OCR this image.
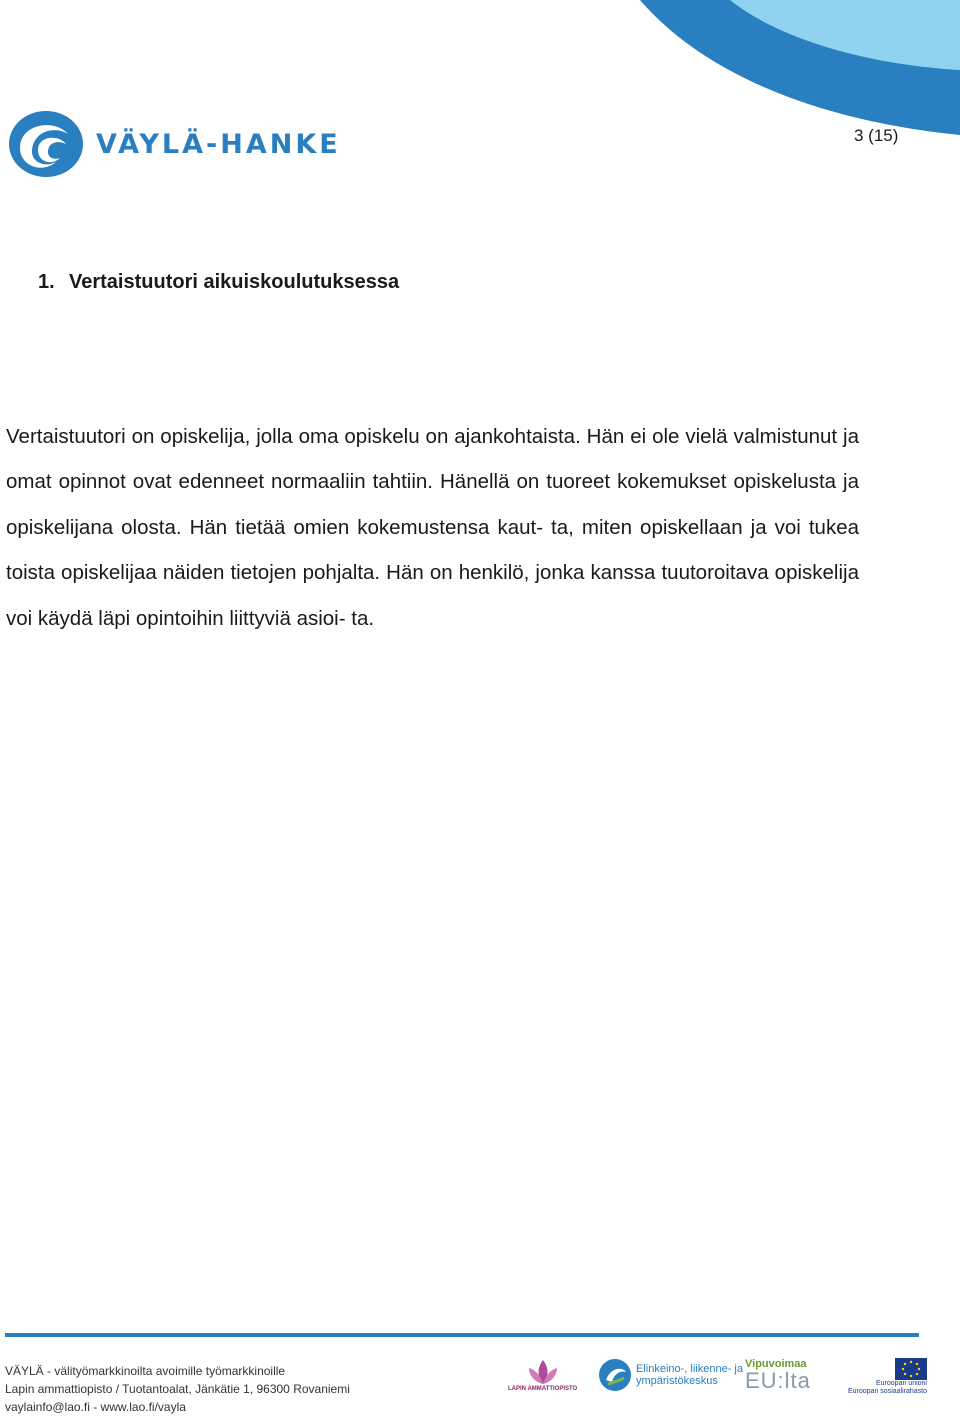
VÄYLÄ-HANKE	3 (15)
1. Vertaistuutori aikuiskoulutuksessa

Vertaistuutori on opiskelija, jolla oma opiskelu on ajankohtaista. Hän ei ole vielä valmistunut ja omat opinnot ovat edenneet normaaliin tahtiin. Hänellä on tuoreet kokemukset opiskelusta ja opiskelijana olosta. Hän tietää omien kokemustensa kaut- ta, miten opiskellaan ja voi tukea toista opiskelijaa näiden tietojen pohjalta. Hän on henkilö, jonka kanssa tuutoroitava opiskelija voi käydä läpi opintoihin liittyviä asioi- ta.

VÄYLÄ - välityömarkkinoilta avoimille työmarkkinoille
Lapin ammattiopisto / Tuotantoalat, Jänkätie 1, 96300 Rovaniemi
vaylainfo@lao.fi - www.lao.fi/vayla
LAPIN AMMATTIOPISTO
Elinkeino-, liikenne- ja
ympäristökeskus
Vipuvoimaa
EU:lta	Euroopan unioni
Euroopan sosiaalirahasto
